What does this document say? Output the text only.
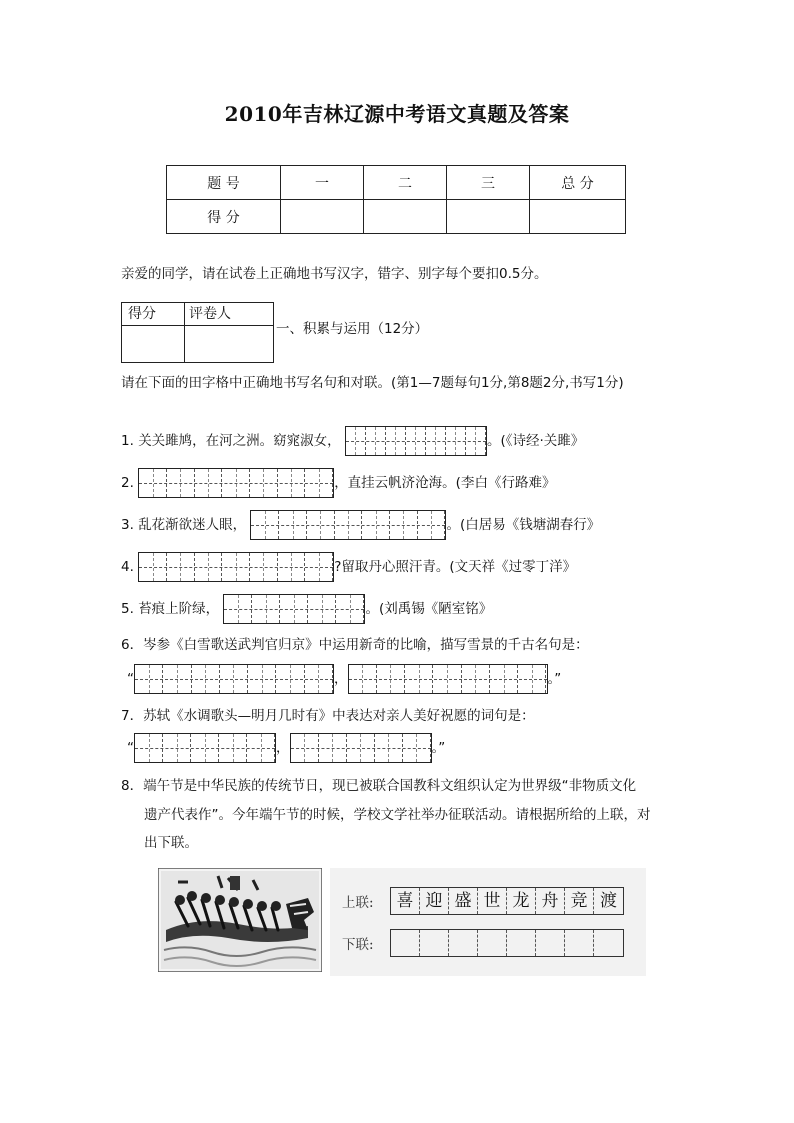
2010年吉林辽源中考语文真题及答案
题 号	一	二	三	总 分
得 分				
亲爱的同学，请在试卷上正确地书写汉字，错字、别字每个要扣0.5分。
得分	评卷人

一、积累与运用（12分）
请在下面的田字格中正确地书写名句和对联。(第1—7题每句1分,第8题2分,书写1分)
1. 关关雎鸠，在河之洲。窈窕淑女，	。(《诗经·关雎》
2.	，直挂云帆济沧海。(李白《行路难》
3. 乱花渐欲迷人眼，	。(白居易《钱塘湖春行》
4.	?留取丹心照汗青。(文天祥《过零丁洋》
5. 苔痕上阶绿，	。(刘禹锡《陋室铭》
6．岑参《白雪歌送武判官归京》中运用新奇的比喻，描写雪景的千古名句是：
“	，	。”
7．苏轼《水调歌头—明月几时有》中表达对亲人美好祝愿的词句是：
“	，	。”
8．端午节是中华民族的传统节日，现已被联合国教科文组织认定为世界级“非物质文化
遗产代表作”。今年端午节的时候，学校文学社举办征联活动。请根据所给的上联，对
出下联。
上联:	喜 迎 盛 世 龙 舟 竞 渡
下联:
